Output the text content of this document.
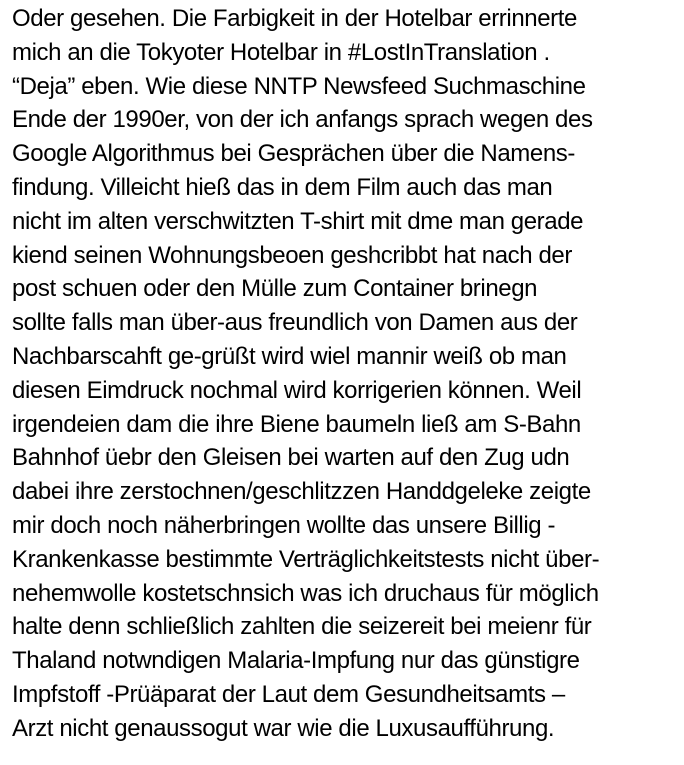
Oder gesehen. Die Farbigkeit in der Hotelbar errinnerte
mich an die Tokyoter Hotelbar in #LostInTranslation .
“Deja” eben. Wie diese NNTP Newsfeed Suchmaschine
Ende der 1990er, von der ich anfangs sprach wegen des
Google Algorithmus bei Gesprächen über die Namens-
findung. Villeicht hieß das in dem Film auch das man
nicht im alten verschwitzten T-shirt mit dme man gerade
kiend seinen Wohnungsbeoen geshcribbt hat nach der
post schuen oder den Mülle zum Container brinegn
sollte falls man über-aus freundlich von Damen aus der
Nachbarscahft ge-grüßt wird wiel mannir weiß ob man
diesen Eimdruck nochmal wird korrigerien können. Weil
irgendeien dam die ihre Biene baumeln ließ am S-Bahn
Bahnhof üebr den Gleisen bei warten auf den Zug udn
dabei ihre zerstochnen/geschlitzzen Handdgeleke zeigte
mir doch noch näherbringen wollte das unsere Billig -
Krankenkasse bestimmte Verträglichkeitstests nicht über-
nehemwolle kostetschnsich was ich druchaus für möglich
halte denn schließlich zahlten die seizereit bei meienr für
Thaland notwndigen Malaria-Impfung nur das günstigre
Impfstoff -Prüäparat der Laut dem Gesundheitsamts –
Arzt nicht genaussogut war wie die Luxusaufführung.
